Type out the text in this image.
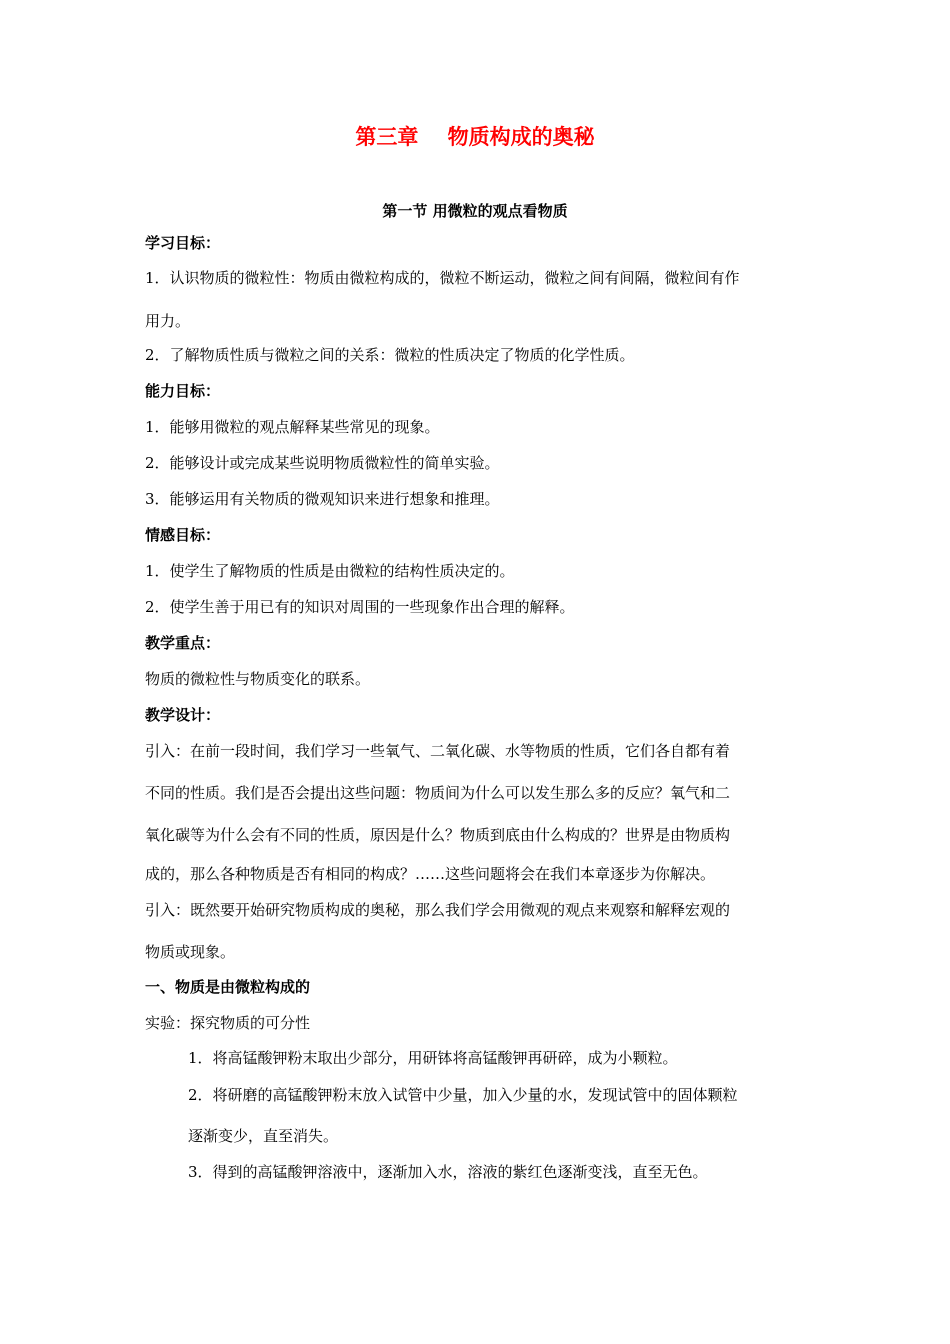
第三章    物质构成的奥秘
第一节 用微粒的观点看物质
学习目标：
1．认识物质的微粒性：物质由微粒构成的，微粒不断运动，微粒之间有间隔，微粒间有作
用力。
2．了解物质性质与微粒之间的关系：微粒的性质决定了物质的化学性质。
能力目标：
1．能够用微粒的观点解释某些常见的现象。
2．能够设计或完成某些说明物质微粒性的简单实验。
3．能够运用有关物质的微观知识来进行想象和推理。
情感目标：
1．使学生了解物质的性质是由微粒的结构性质决定的。
2．使学生善于用已有的知识对周围的一些现象作出合理的解释。
教学重点：
物质的微粒性与物质变化的联系。
教学设计：
引入：在前一段时间，我们学习一些氧气、二氧化碳、水等物质的性质，它们各自都有着
不同的性质。我们是否会提出这些问题：物质间为什么可以发生那么多的反应？氧气和二
氧化碳等为什么会有不同的性质，原因是什么？物质到底由什么构成的？世界是由物质构
成的，那么各种物质是否有相同的构成？……这些问题将会在我们本章逐步为你解决。
引入：既然要开始研究物质构成的奥秘，那么我们学会用微观的观点来观察和解释宏观的
物质或现象。
一、物质是由微粒构成的
实验：探究物质的可分性
1．将高锰酸钾粉末取出少部分，用研钵将高锰酸钾再研碎，成为小颗粒。
2．将研磨的高锰酸钾粉末放入试管中少量，加入少量的水，发现试管中的固体颗粒
逐渐变少，直至消失。
3．得到的高锰酸钾溶液中，逐渐加入水，溶液的紫红色逐渐变浅，直至无色。
